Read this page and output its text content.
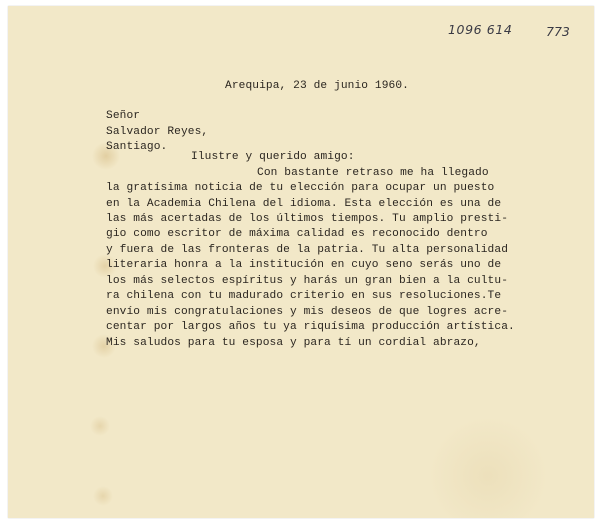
1096 614	773
Arequipa, 23 de junio 1960.
Señor
Salvador Reyes,
Santiago.
Ilustre y querido amigo:
Con bastante retraso me ha llegado
la gratísima noticia de tu elección para ocupar un puesto
en la Academia Chilena del idioma. Esta elección es una de
las más acertadas de los últimos tiempos. Tu amplio presti-
gio como escritor de máxima calidad es reconocido dentro
y fuera de las fronteras de la patria. Tu alta personalidad
literaria honra a la institución en cuyo seno serás uno de
los más selectos espíritus y harás un gran bien a la cultu-
ra chilena con tu madurado criterio en sus resoluciones.Te
envío mis congratulaciones y mis deseos de que logres acre-
centar por largos años tu ya riquísima producción artística.
Mis saludos para tu esposa y para tí un cordial abrazo,
